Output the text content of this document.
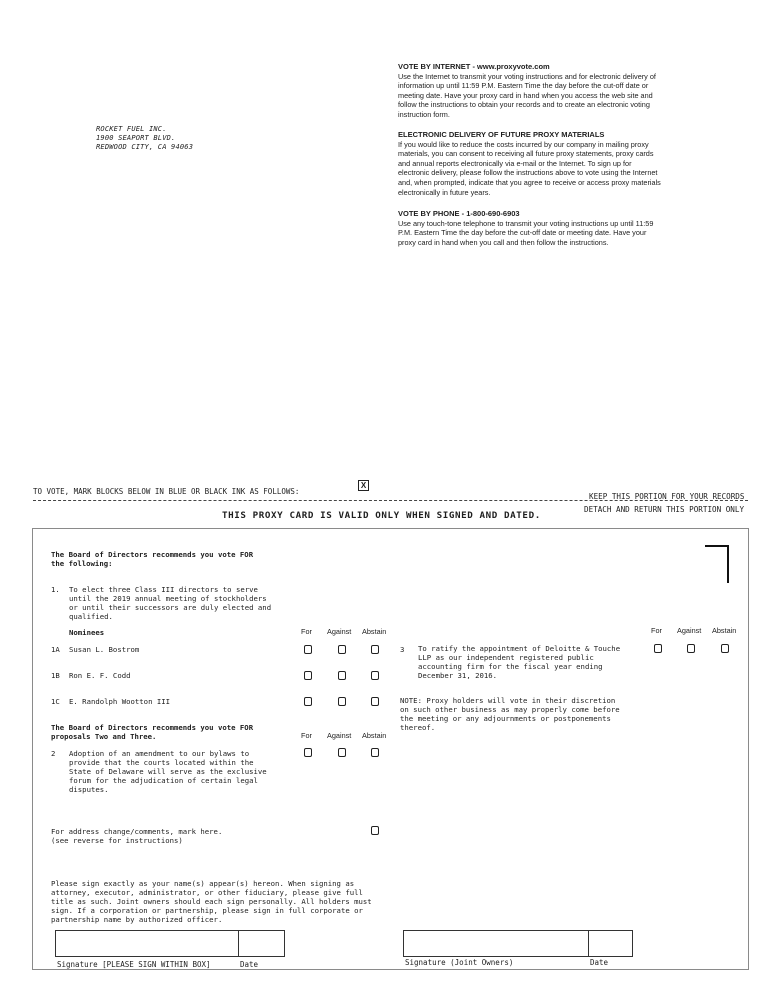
ROCKET FUEL INC.
1900 SEAPORT BLVD.
REDWOOD CITY, CA 94063
VOTE BY INTERNET - www.proxyvote.com
Use the Internet to transmit your voting instructions and for electronic delivery of
information up until 11:59 P.M. Eastern Time the day before the cut-off date or
meeting date. Have your proxy card in hand when you access the web site and
follow the instructions to obtain your records and to create an electronic voting
instruction form.
ELECTRONIC DELIVERY OF FUTURE PROXY MATERIALS
If you would like to reduce the costs incurred by our company in mailing proxy
materials, you can consent to receiving all future proxy statements, proxy cards
and annual reports electronically via e-mail or the Internet. To sign up for
electronic delivery, please follow the instructions above to vote using the Internet
and, when prompted, indicate that you agree to receive or access proxy materials
electronically in future years.
VOTE BY PHONE - 1-800-690-6903
Use any touch-tone telephone to transmit your voting instructions up until 11:59
P.M. Eastern Time the day before the cut-off date or meeting date. Have your
proxy card in hand when you call and then follow the instructions.
TO VOTE, MARK BLOCKS BELOW IN BLUE OR BLACK INK AS FOLLOWS:
X
KEEP THIS PORTION FOR YOUR RECORDS
DETACH AND RETURN THIS PORTION ONLY
THIS PROXY CARD IS VALID ONLY WHEN SIGNED AND DATED.
The Board of Directors recommends you vote FOR
the following:
1. To elect three Class III directors to serve
until the 2019 annual meeting of stockholders
or until their successors are duly elected and
qualified.
Nominees	For Against Abstain
1A Susan L. Bostrom
1B Ron E. F. Codd
1C E. Randolph Wootton III
The Board of Directors recommends you vote FOR
proposals Two and Three.	For Against Abstain
2 Adoption of an amendment to our bylaws to
provide that the courts located within the
State of Delaware will serve as the exclusive
forum for the adjudication of certain legal
disputes.
For Against Abstain
3 To ratify the appointment of Deloitte & Touche
LLP as our independent registered public
accounting firm for the fiscal year ending
December 31, 2016.
NOTE: Proxy holders will vote in their discretion
on such other business as may properly come before
the meeting or any adjournments or postponements
thereof.
For address change/comments, mark here.
(see reverse for instructions)
Please sign exactly as your name(s) appear(s) hereon. When signing as
attorney, executor, administrator, or other fiduciary, please give full
title as such. Joint owners should each sign personally. All holders must
sign. If a corporation or partnership, please sign in full corporate or
partnership name by authorized officer.
Signature [PLEASE SIGN WITHIN BOX]	Date	Signature (Joint Owners)	Date
